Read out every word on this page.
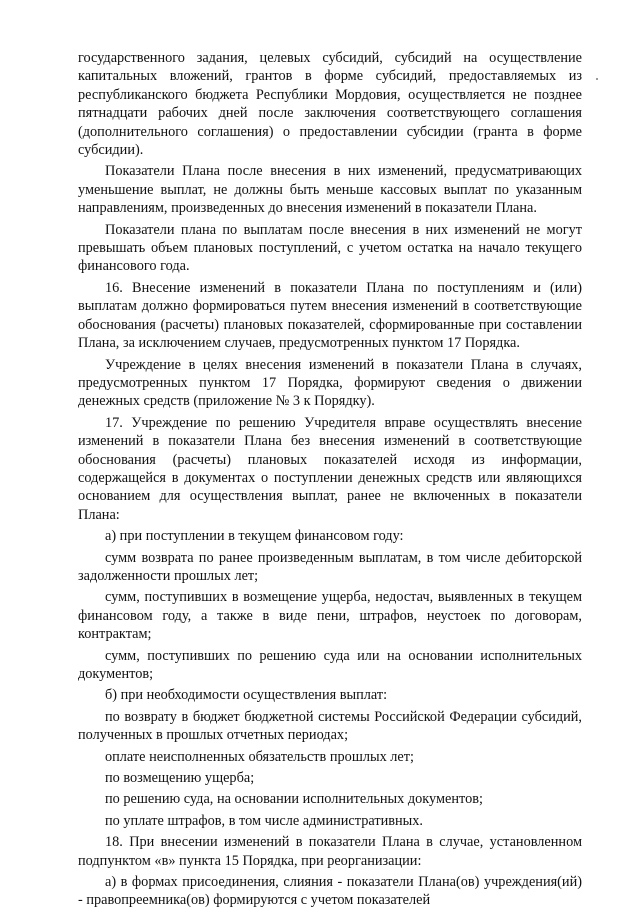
государственного задания, целевых субсидий, субсидий на осуществление капитальных вложений, грантов в форме субсидий, предоставляемых из республиканского бюджета Республики Мордовия, осуществляется не позднее пятнадцати рабочих дней после заключения соответствующего соглашения (дополнительного соглашения) о предоставлении субсидии (гранта в форме субсидии).

Показатели Плана после внесения в них изменений, предусматривающих уменьшение выплат, не должны быть меньше кассовых выплат по указанным направлениям, произведенных до внесения изменений в показатели Плана.

Показатели плана по выплатам после внесения в них изменений не могут превышать объем плановых поступлений, с учетом остатка на начало текущего финансового года.

16. Внесение изменений в показатели Плана по поступлениям и (или) выплатам должно формироваться путем внесения изменений в соответствующие обоснования (расчеты) плановых показателей, сформированные при составлении Плана, за исключением случаев, предусмотренных пунктом 17 Порядка.

Учреждение в целях внесения изменений в показатели Плана в случаях, предусмотренных пунктом 17 Порядка, формируют сведения о движении денежных средств (приложение № 3 к Порядку).

17. Учреждение по решению Учредителя вправе осуществлять внесение изменений в показатели Плана без внесения изменений в соответствующие обоснования (расчеты) плановых показателей исходя из информации, содержащейся в документах о поступлении денежных средств или являющихся основанием для осуществления выплат, ранее не включенных в показатели Плана:

а) при поступлении в текущем финансовом году:

сумм возврата по ранее произведенным выплатам, в том числе дебиторской задолженности прошлых лет;

сумм, поступивших в возмещение ущерба, недостач, выявленных в текущем финансовом году, а также в виде пени, штрафов, неустоек по договорам, контрактам;

сумм, поступивших по решению суда или на основании исполнительных документов;

б) при необходимости осуществления выплат:

по возврату в бюджет бюджетной системы Российской Федерации субсидий, полученных в прошлых отчетных периодах;

оплате неисполненных обязательств прошлых лет;

по возмещению ущерба;

по решению суда, на основании исполнительных документов;

по уплате штрафов, в том числе административных.

18. При внесении изменений в показатели Плана в случае, установленном подпунктом «в» пункта 15 Порядка, при реорганизации:

а) в формах присоединения, слияния - показатели Плана(ов) учреждения(ий) - правопреемника(ов) формируются с учетом показателей
